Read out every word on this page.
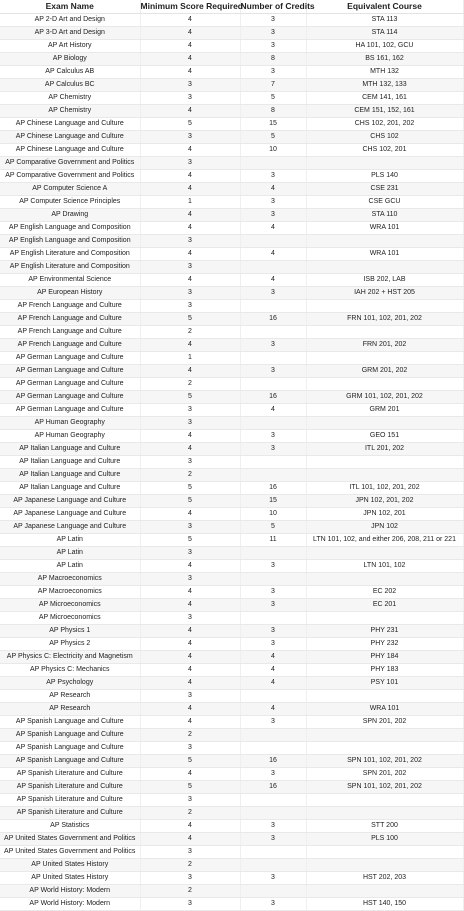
Exam Name	Minimum Score Required	Number of Credits	Equivalent Course
AP 2-D Art and Design	4	3	STA 113
AP 3-D Art and Design	4	3	STA 114
AP Art History	4	3	HA 101, 102, GCU
AP Biology	4	8	BS 161, 162
AP Calculus AB	4	3	MTH 132
AP Calculus BC	3	7	MTH 132, 133
AP Chemistry	3	5	CEM 141, 161
AP Chemistry	4	8	CEM 151, 152, 161
AP Chinese Language and Culture	5	15	CHS 102, 201, 202
AP Chinese Language and Culture	3	5	CHS 102
AP Chinese Language and Culture	4	10	CHS 102, 201
AP Comparative Government and Politics	3		
AP Comparative Government and Politics	4	3	PLS 140
AP Computer Science A	4	4	CSE 231
AP Computer Science Principles	1	3	CSE GCU
AP Drawing	4	3	STA 110
AP English Language and Composition	4	4	WRA 101
AP English Language and Composition	3		
AP English Literature and Composition	4	4	WRA 101
AP English Literature and Composition	3		
AP Environmental Science	4	4	ISB 202, LAB
AP European History	3	3	IAH 202 + HST 205
AP French Language and Culture	3		
AP French Language and Culture	5	16	FRN 101, 102, 201, 202
AP French Language and Culture	2		
AP French Language and Culture	4	3	FRN 201, 202
AP German Language and Culture	1		
AP German Language and Culture	4	3	GRM 201, 202
AP German Language and Culture	2		
AP German Language and Culture	5	16	GRM 101, 102, 201, 202
AP German Language and Culture	3	4	GRM 201
AP Human Geography	3		
AP Human Geography	4	3	GEO 151
AP Italian Language and Culture	4	3	ITL 201, 202
AP Italian Language and Culture	3		
AP Italian Language and Culture	2		
AP Italian Language and Culture	5	16	ITL 101, 102, 201, 202
AP Japanese Language and Culture	5	15	JPN 102, 201, 202
AP Japanese Language and Culture	4	10	JPN 102, 201
AP Japanese Language and Culture	3	5	JPN 102
AP Latin	5	11	LTN 101, 102, and either 206, 208, 211 or 221
AP Latin	3		
AP Latin	4	3	LTN 101, 102
AP Macroeconomics	3		
AP Macroeconomics	4	3	EC 202
AP Microeconomics	4	3	EC 201
AP Microeconomics	3		
AP Physics 1	4	3	PHY 231
AP Physics 2	4	3	PHY 232
AP Physics C: Electricity and Magnetism	4	4	PHY 184
AP Physics C: Mechanics	4	4	PHY 183
AP Psychology	4	4	PSY 101
AP Research	3		
AP Research	4	4	WRA 101
AP Spanish Language and Culture	4	3	SPN 201, 202
AP Spanish Language and Culture	2		
AP Spanish Language and Culture	3		
AP Spanish Language and Culture	5	16	SPN 101, 102, 201, 202
AP Spanish Literature and Culture	4	3	SPN 201, 202
AP Spanish Literature and Culture	5	16	SPN 101, 102, 201, 202
AP Spanish Literature and Culture	3		
AP Spanish Literature and Culture	2		
AP Statistics	4	3	STT 200
AP United States Government and Politics	4	3	PLS 100
AP United States Government and Politics	3		
AP United States History	2		
AP United States History	3	3	HST 202, 203
AP World History: Modern	2		
AP World History: Modern	3	3	HST 140, 150
